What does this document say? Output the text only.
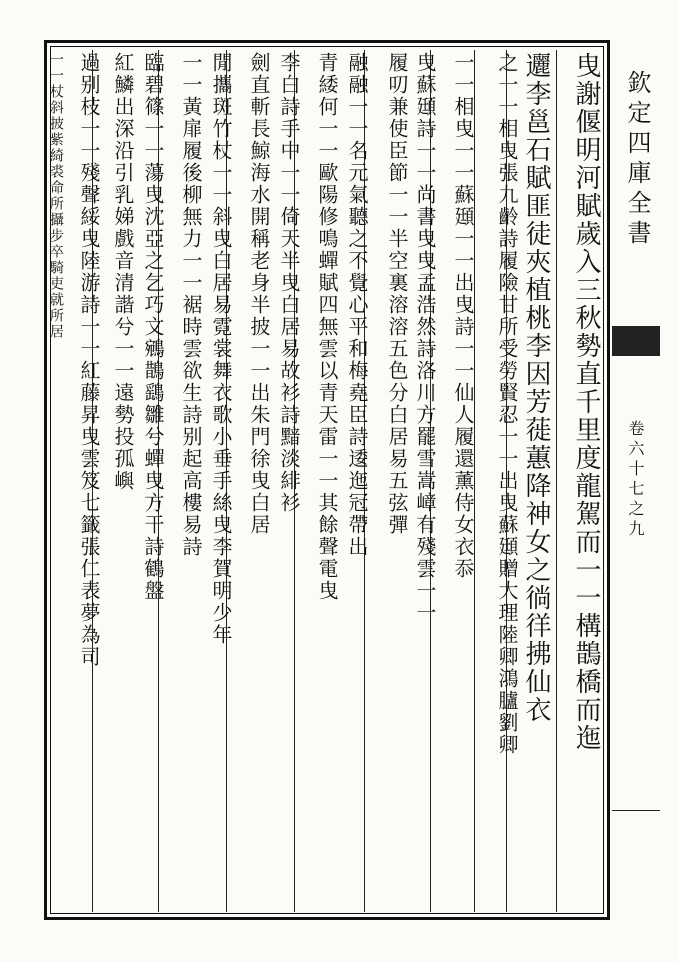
欽定四庫全書
卷六十七之九
曳謝偃明河賦歲入三秋勢直千里度龍駕而一一構鵲橋而迤
邐李邕石賦匪徒夾植桃李因芳蓰蕙降神女之徜徉拂仙衣
之一一相曳張九齡詩履險甘所受勞賢忍一一出曳蘇頲贈大理陸卿鴻臚劉卿
一一相曳一一蘇頲一一出曳詩一一仙人履還薰侍女衣忝
曳蘇頲詩一一尚書曳曳孟浩然詩洛川方罷雪嵩嶂有殘雲一一
履叨兼使臣節一一半空裏溶溶五色分白居易五弦彈
融融一一名元氣聽之不覺心平和梅堯臣詩逶迤冠帶出
青緌何一一歐陽修鳴蟬賦四無雲以青天雷一一其餘聲電曳
李白詩手中一一倚天半曳白居易故衫詩黯淡緋衫
劍直斬長鯨海水開稱老身半披一一出朱門徐曳白居
閒攜斑竹杖一一斜曳白居易霓裳舞衣歌小垂手絲曳李賀明少年
一一黃扉履後柳無力一一裾時雲欲生詩别起高樓易詩
臨碧篠一一蕩曳沈亞之乞巧文鵷鵲鷂雛兮蟬曳方干詩鶴盤
紅鱗出深沿引乳娣戲音清諧兮一一遠勢投孤嶼
過别枝一一殘聲綏曳陸游詩一一紅藤昇曳雲笈七籤張仁表夢為司
一一杖斜披紫綺裘命所攝步卒騎吏就所居
